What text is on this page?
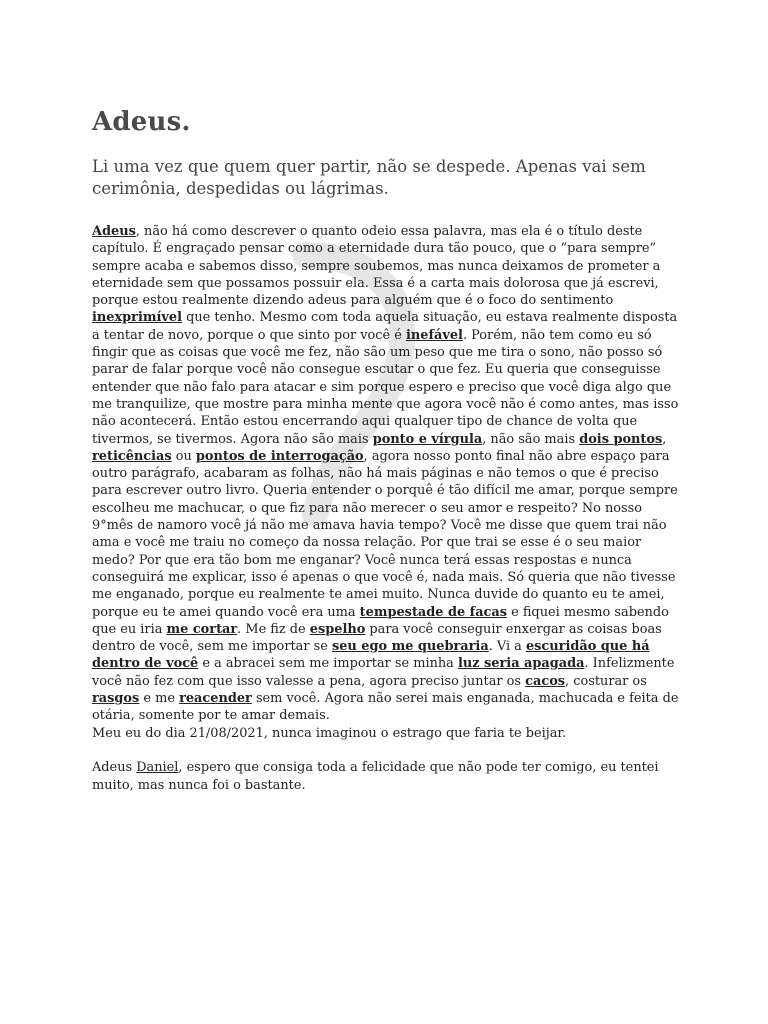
Adeus.

Li uma vez que quem quer partir, não se despede. Apenas vai sem cerimônia, despedidas ou lágrimas.

Adeus, não há como descrever o quanto odeio essa palavra, mas ela é o título deste capítulo. É engraçado pensar como a eternidade dura tão pouco, que o “para sempre” sempre acaba e sabemos disso, sempre soubemos, mas nunca deixamos de prometer a eternidade sem que possamos possuir ela. Essa é a carta mais dolorosa que já escrevi, porque estou realmente dizendo adeus para alguém que é o foco do sentimento inexprimível que tenho. Mesmo com toda aquela situação, eu estava realmente disposta a tentar de novo, porque o que sinto por você é inefável. Porém, não tem como eu só fingir que as coisas que você me fez, não são um peso que me tira o sono, não posso só parar de falar porque você não consegue escutar o que fez. Eu queria que conseguisse entender que não falo para atacar e sim porque espero e preciso que você diga algo que me tranquilize, que mostre para minha mente que agora você não é como antes, mas isso não acontecerá. Então estou encerrando aqui qualquer tipo de chance de volta que tivermos, se tivermos. Agora não são mais ponto e vírgula, não são mais dois pontos, reticências ou pontos de interrogação, agora nosso ponto final não abre espaço para outro parágrafo, acabaram as folhas, não há mais páginas e não temos o que é preciso para escrever outro livro. Queria entender o porquê é tão difícil me amar, porque sempre escolheu me machucar, o que fiz para não merecer o seu amor e respeito? No nosso 9°mês de namoro você já não me amava havia tempo? Você me disse que quem trai não ama e você me traiu no começo da nossa relação. Por que trai se esse é o seu maior medo? Por que era tão bom me enganar? Você nunca terá essas respostas e nunca conseguirá me explicar, isso é apenas o que você é, nada mais. Só queria que não tivesse me enganado, porque eu realmente te amei muito. Nunca duvide do quanto eu te amei, porque eu te amei quando você era uma tempestade de facas e fiquei mesmo sabendo que eu iria me cortar. Me fiz de espelho para você conseguir enxergar as coisas boas dentro de você, sem me importar se seu ego me quebraria. Vi a escuridão que há dentro de você e a abracei sem me importar se minha luz seria apagada. Infelizmente você não fez com que isso valesse a pena, agora preciso juntar os cacos, costurar os rasgos e me reacender sem você. Agora não serei mais enganada, machucada e feita de otária, somente por te amar demais.

Meu eu do dia 21/08/2021, nunca imaginou o estrago que faria te beijar.

Adeus Daniel, espero que consiga toda a felicidade que não pode ter comigo, eu tentei muito, mas nunca foi o bastante.
